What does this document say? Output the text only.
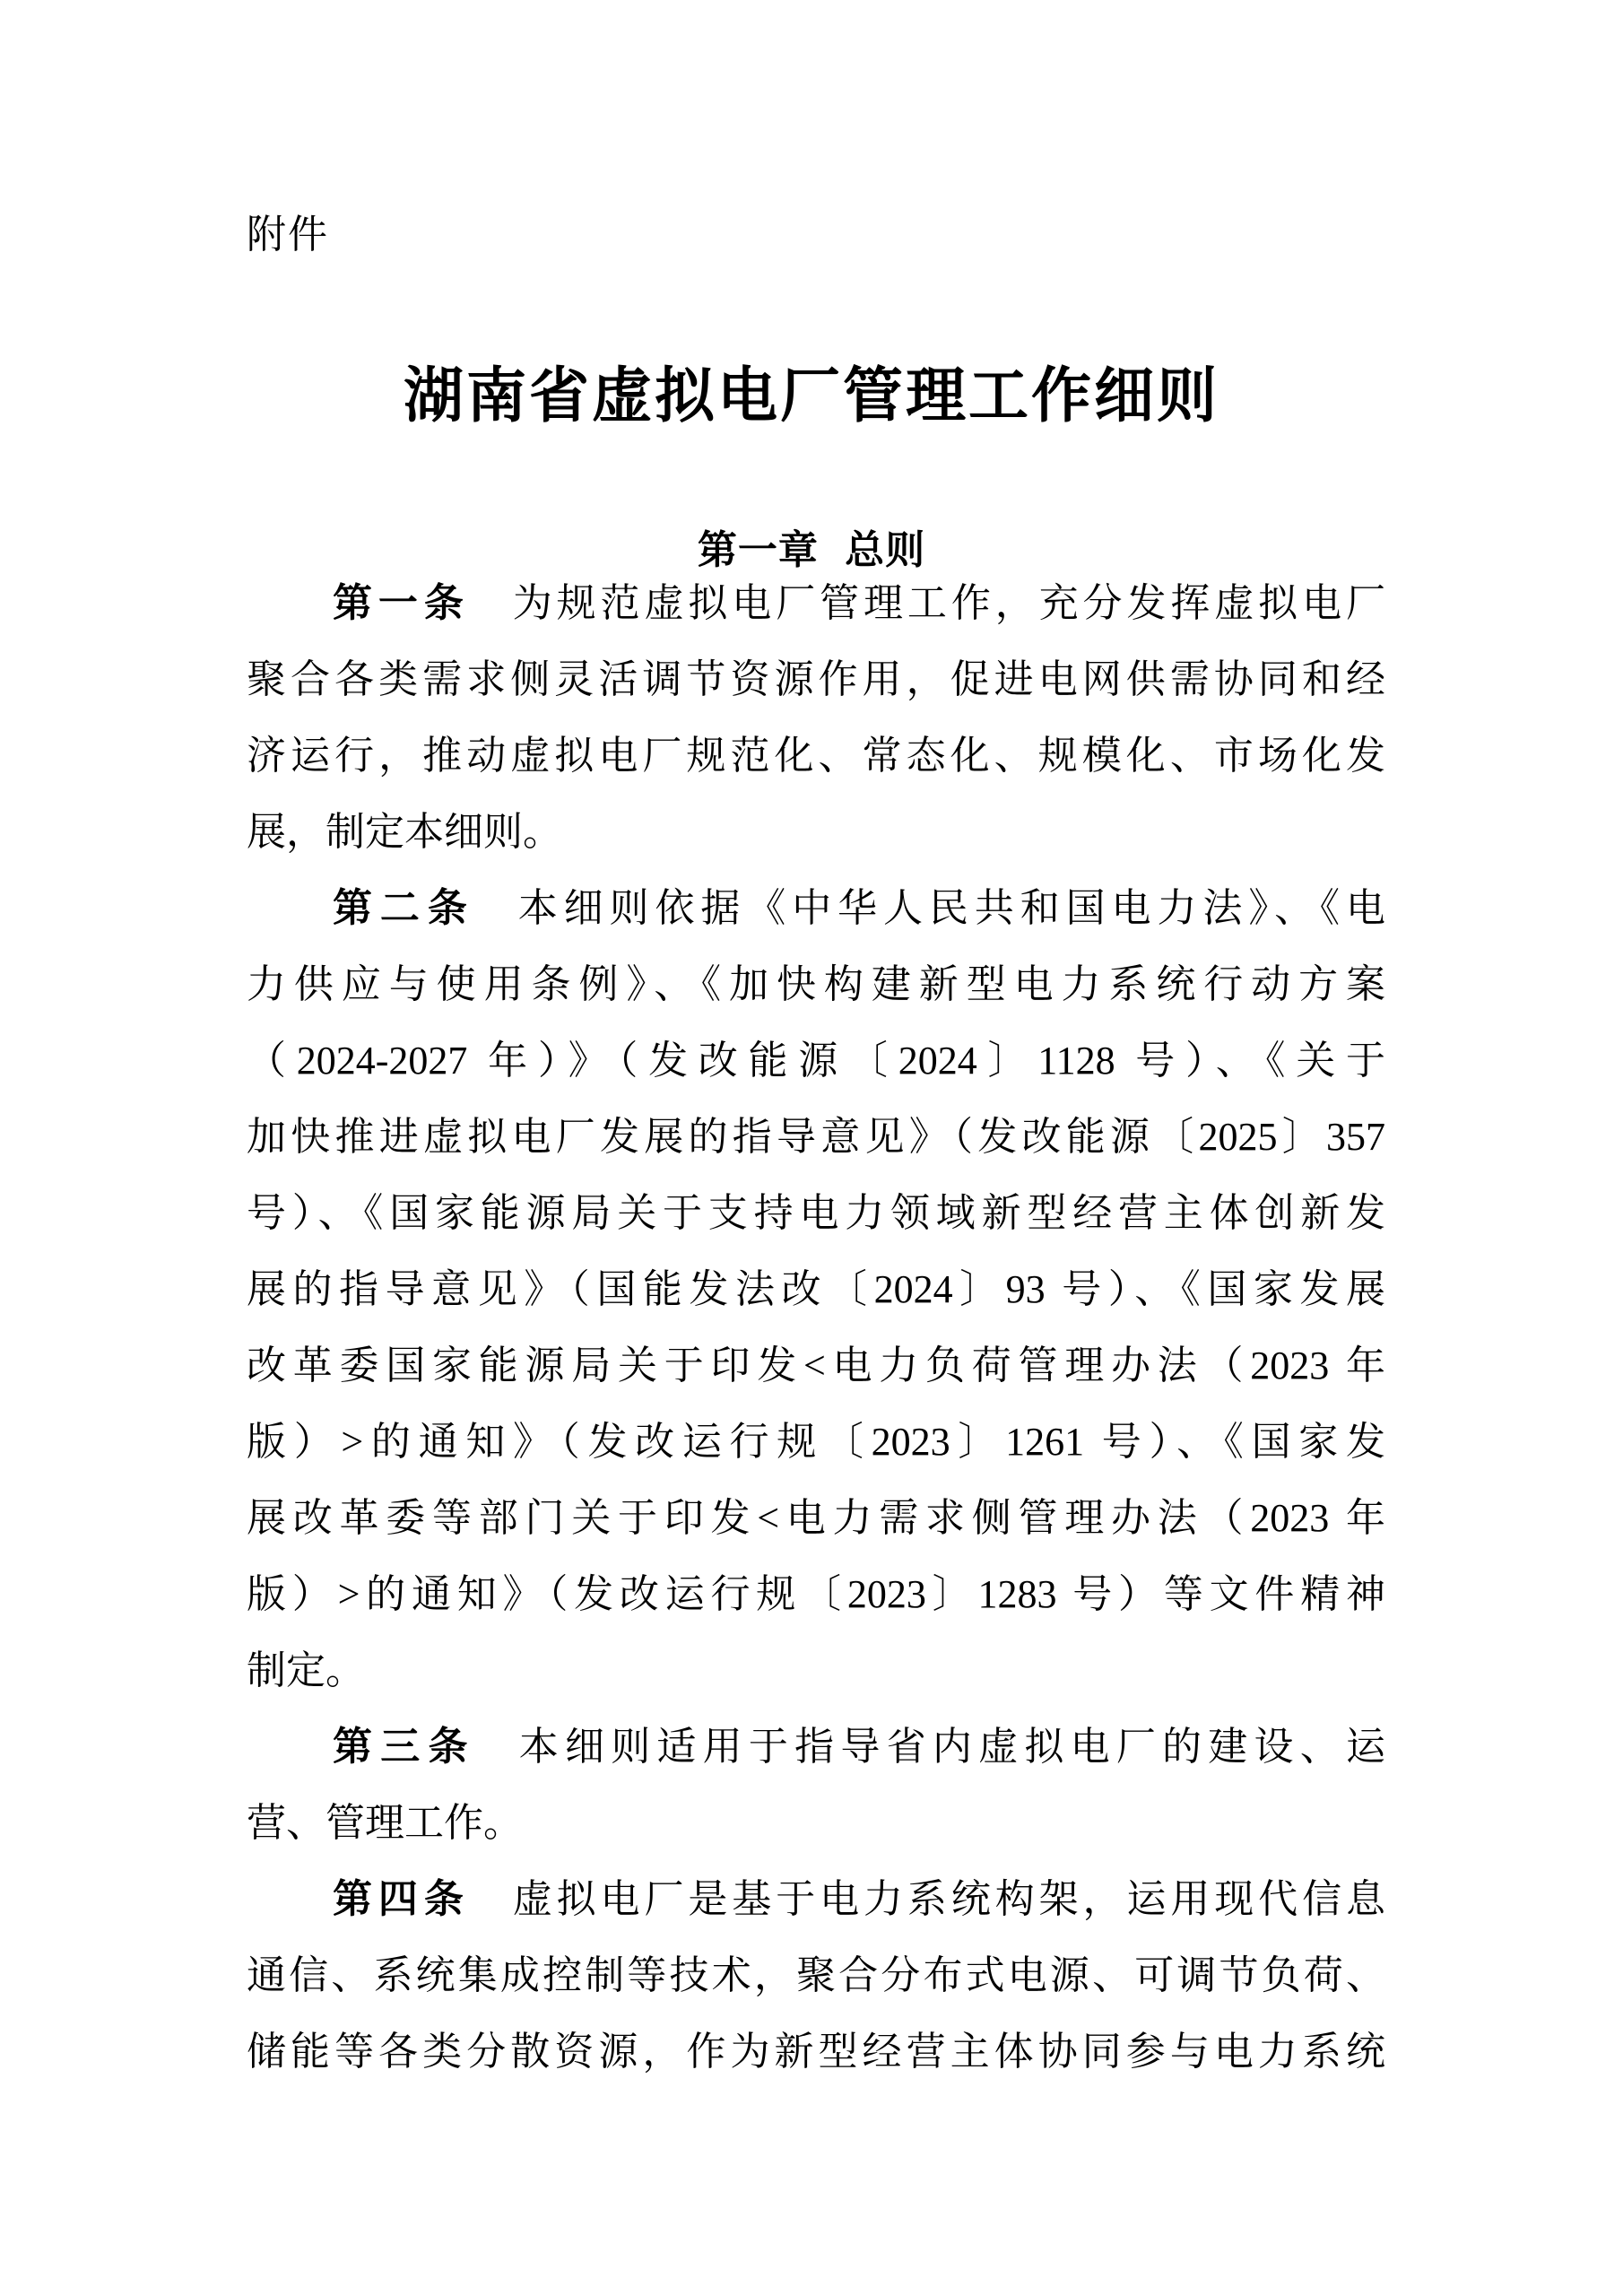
附件
湖南省虚拟电厂管理工作细则
第一章 总则
第一条 为规范虚拟电厂管理工作，充分发挥虚拟电厂
聚合各类需求侧灵活调节资源作用，促进电网供需协同和经
济运行，推动虚拟电厂规范化、常态化、规模化、市场化发
展，制定本细则。
第二条 本细则依据《中华人民共和国电力法》、《电
力供应与使用条例》、《加快构建新型电力系统行动方案
（2024-2027 年）》（发改能源〔2024〕1128 号）、《关于
加快推进虚拟电厂发展的指导意见》（发改能源〔2025〕357
号）、《国家能源局关于支持电力领域新型经营主体创新发
展的指导意见》（国能发法改〔2024〕93 号）、《国家发展
改革委国家能源局关于印发<电力负荷管理办法（2023 年
版）>的通知》（发改运行规〔2023〕1261 号）、《国家发
展改革委等部门关于印发<电力需求侧管理办法（2023 年
版）>的通知》（发改运行规〔2023〕1283 号）等文件精神
制定。
第三条 本细则适用于指导省内虚拟电厂的建设、运
营、管理工作。
第四条 虚拟电厂是基于电力系统构架，运用现代信息
通信、系统集成控制等技术，聚合分布式电源、可调节负荷、
储能等各类分散资源，作为新型经营主体协同参与电力系统
